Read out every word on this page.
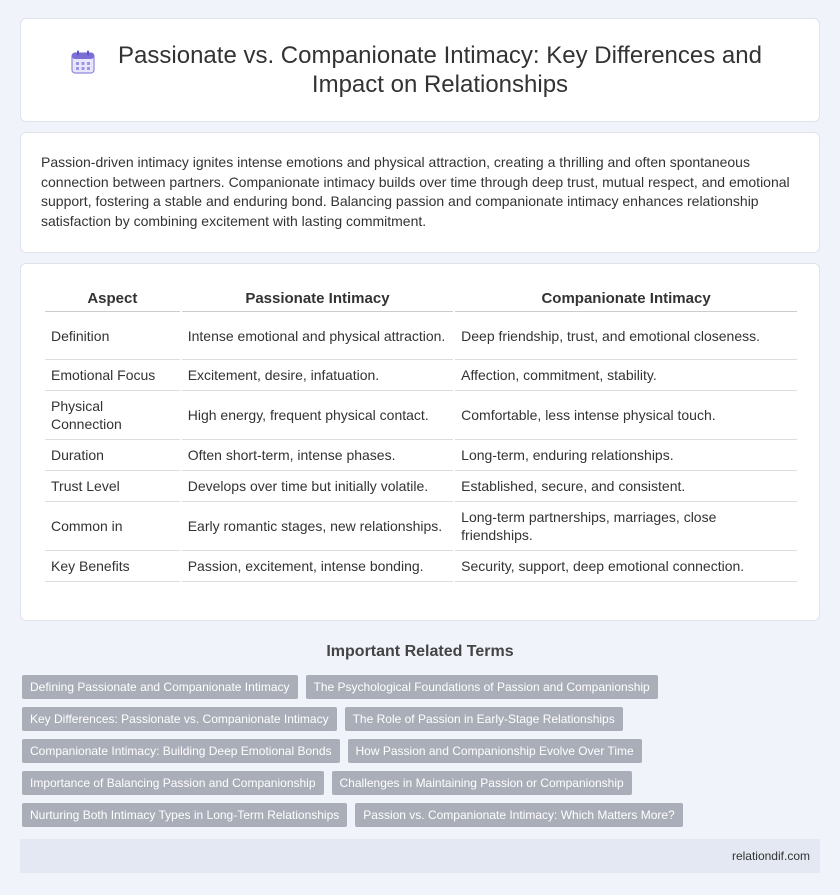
Passionate vs. Companionate Intimacy: Key Differences and Impact on Relationships

Passion-driven intimacy ignites intense emotions and physical attraction, creating a thrilling and often spontaneous connection between partners. Companionate intimacy builds over time through deep trust, mutual respect, and emotional support, fostering a stable and enduring bond. Balancing passion and companionate intimacy enhances relationship satisfaction by combining excitement with lasting commitment.

Aspect	Passionate Intimacy	Companionate Intimacy
Definition	Intense emotional and physical attraction.	Deep friendship, trust, and emotional closeness.
Emotional Focus	Excitement, desire, infatuation.	Affection, commitment, stability.
Physical Connection	High energy, frequent physical contact.	Comfortable, less intense physical touch.
Duration	Often short-term, intense phases.	Long-term, enduring relationships.
Trust Level	Develops over time but initially volatile.	Established, secure, and consistent.
Common in	Early romantic stages, new relationships.	Long-term partnerships, marriages, close friendships.
Key Benefits	Passion, excitement, intense bonding.	Security, support, deep emotional connection.
Important Related Terms
Defining Passionate and Companionate Intimacy	The Psychological Foundations of Passion and Companionship
Key Differences: Passionate vs. Companionate Intimacy	The Role of Passion in Early-Stage Relationships
Companionate Intimacy: Building Deep Emotional Bonds	How Passion and Companionship Evolve Over Time
Importance of Balancing Passion and Companionship	Challenges in Maintaining Passion or Companionship
Nurturing Both Intimacy Types in Long-Term Relationships	Passion vs. Companionate Intimacy: Which Matters More?
relationdif.com
